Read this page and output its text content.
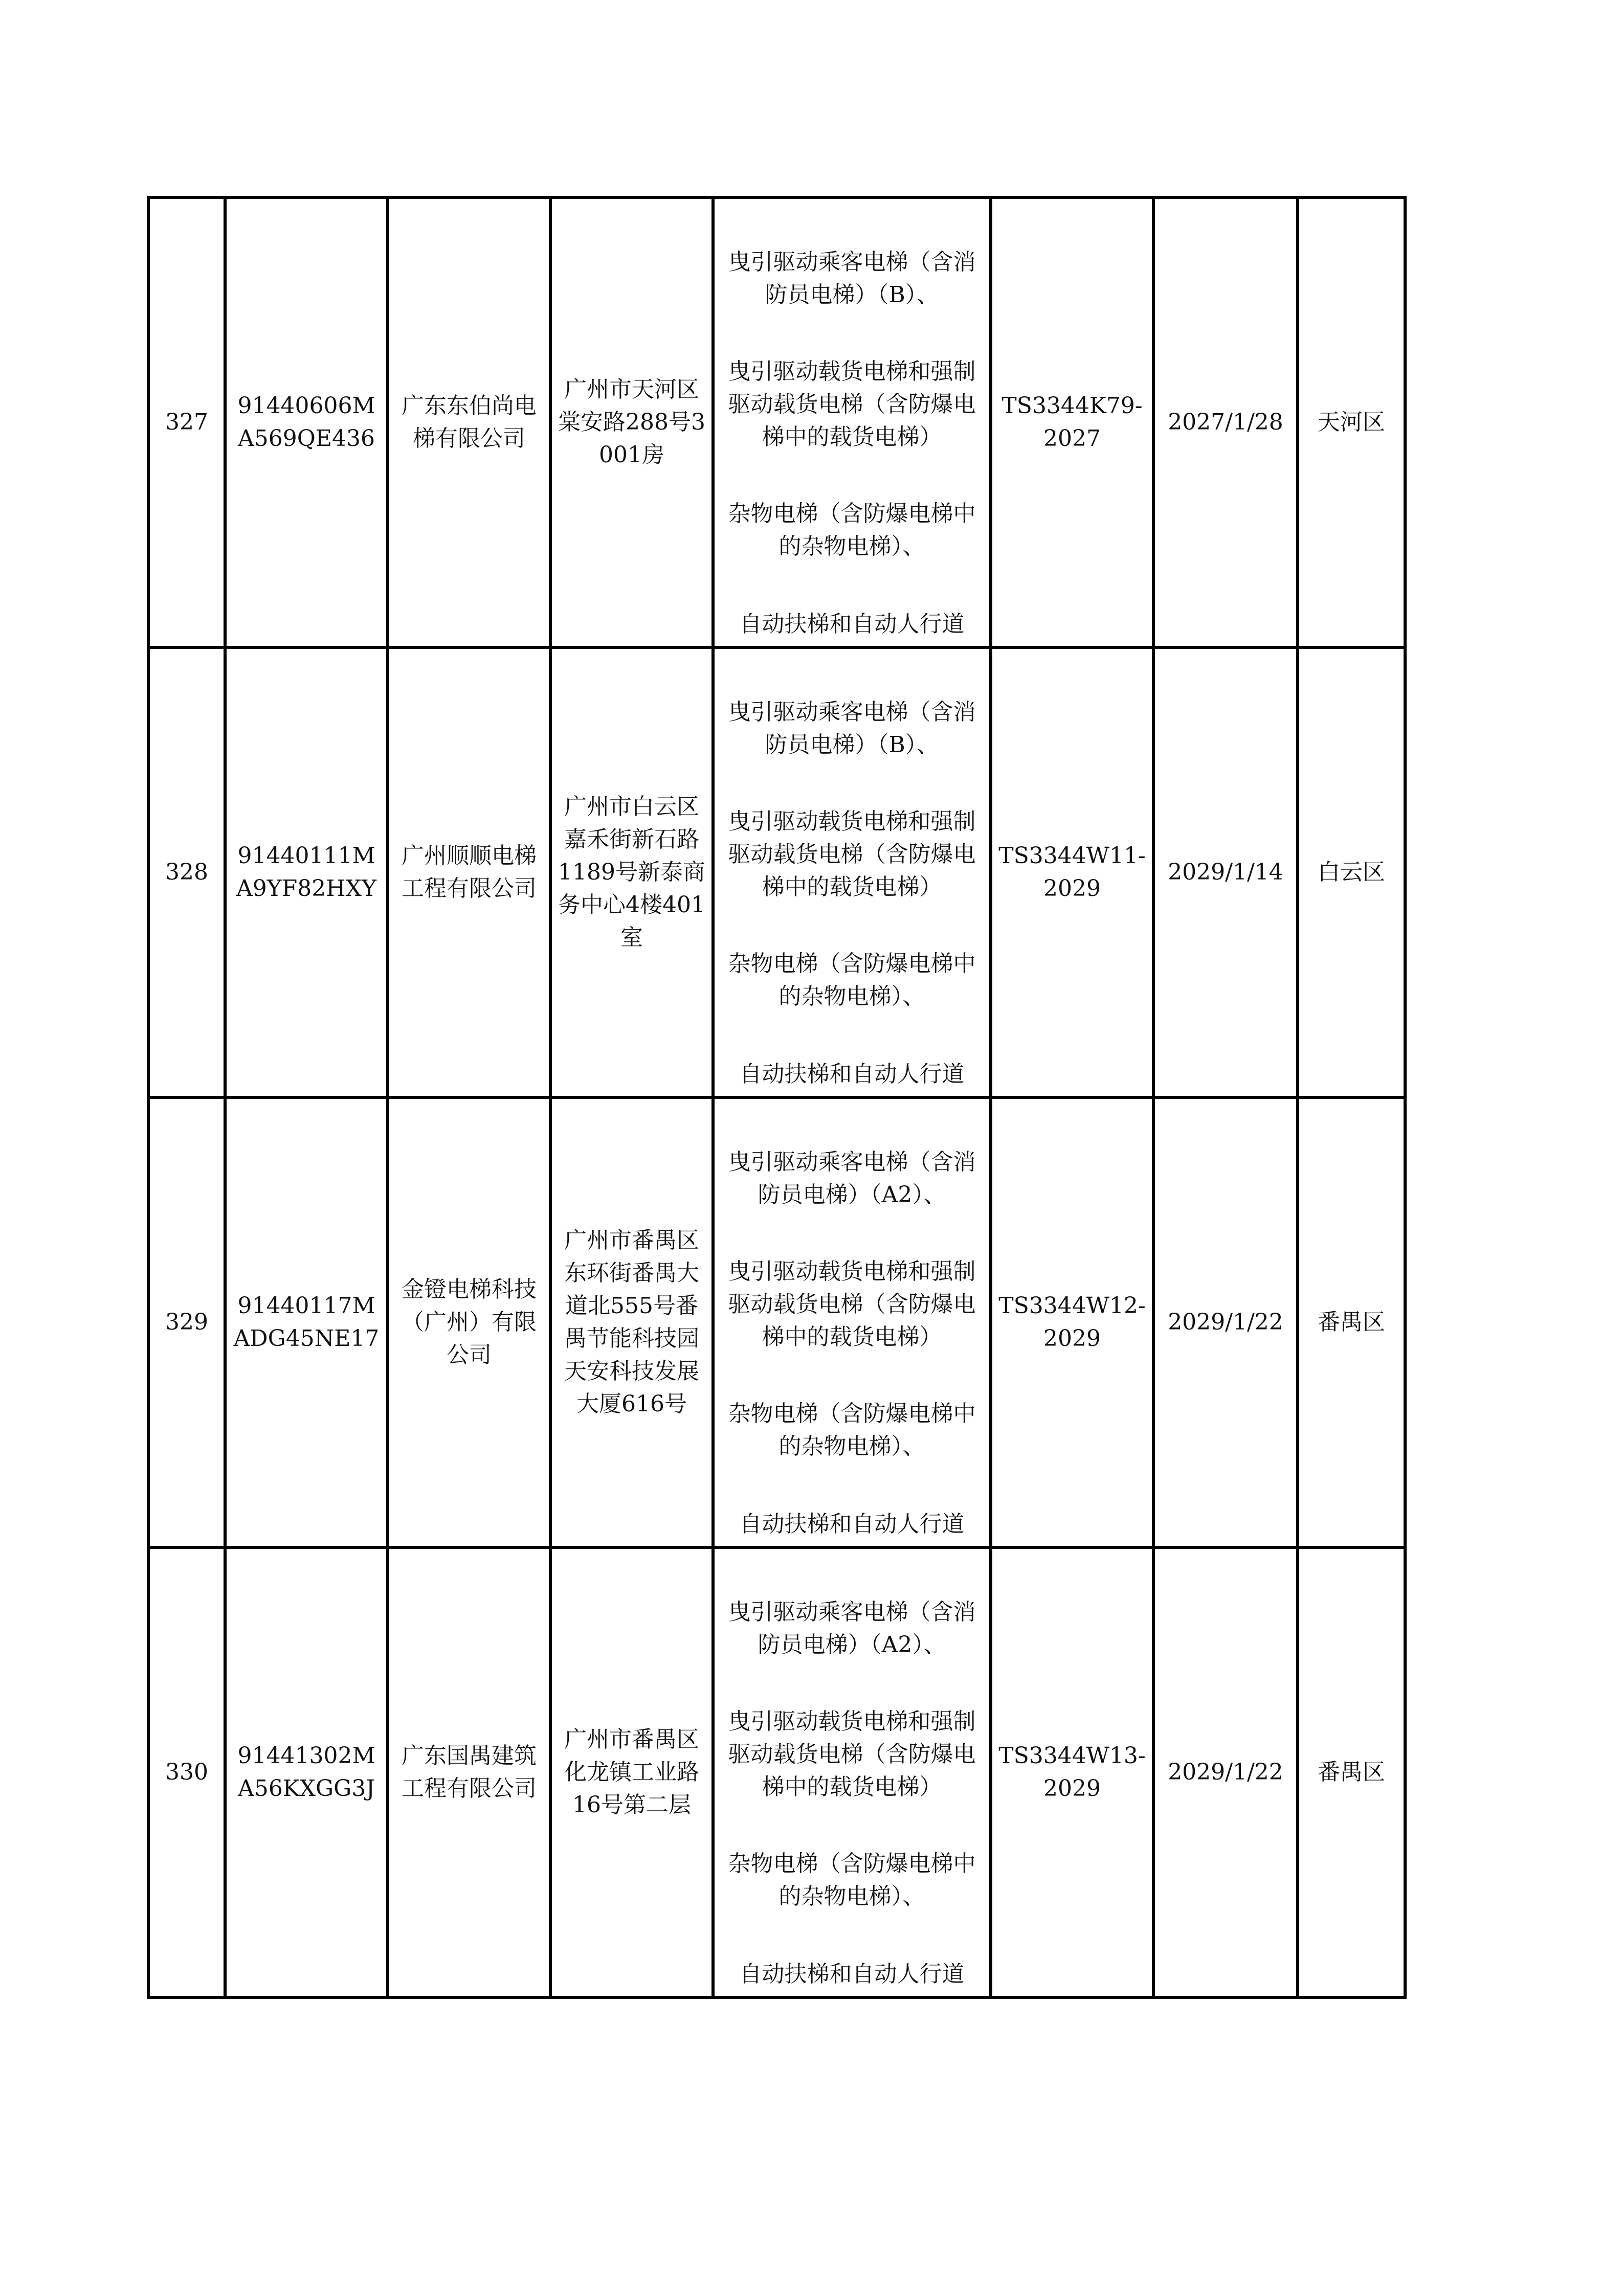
327	91440606MA569QE436	广东东伯尚电梯有限公司	广州市天河区棠安路288号3001房	曳引驱动乘客电梯（含消防员电梯）（B）、
曳引驱动载货电梯和强制驱动载货电梯（含防爆电梯中的载货电梯）
杂物电梯（含防爆电梯中的杂物电梯）、
自动扶梯和自动人行道	TS3344K79-2027	2027/1/28	天河区

328	91440111MA9YF82HXY	广州顺顺电梯工程有限公司	广州市白云区嘉禾街新石路1189号新泰商务中心4楼401室	曳引驱动乘客电梯（含消防员电梯）（B）、
曳引驱动载货电梯和强制驱动载货电梯（含防爆电梯中的载货电梯）
杂物电梯（含防爆电梯中的杂物电梯）、
自动扶梯和自动人行道	TS3344W11-2029	2029/1/14	白云区

329	91440117MADG45NE17	金镫电梯科技（广州）有限公司	广州市番禺区东环街番禺大道北555号番禺节能科技园天安科技发展大厦616号	曳引驱动乘客电梯（含消防员电梯）（A2）、
曳引驱动载货电梯和强制驱动载货电梯（含防爆电梯中的载货电梯）
杂物电梯（含防爆电梯中的杂物电梯）、
自动扶梯和自动人行道	TS3344W12-2029	2029/1/22	番禺区

330	91441302MA56KXGG3J	广东国禺建筑工程有限公司	广州市番禺区化龙镇工业路16号第二层	曳引驱动乘客电梯（含消防员电梯）（A2）、
曳引驱动载货电梯和强制驱动载货电梯（含防爆电梯中的载货电梯）
杂物电梯（含防爆电梯中的杂物电梯）、
自动扶梯和自动人行道	TS3344W13-2029	2029/1/22	番禺区
